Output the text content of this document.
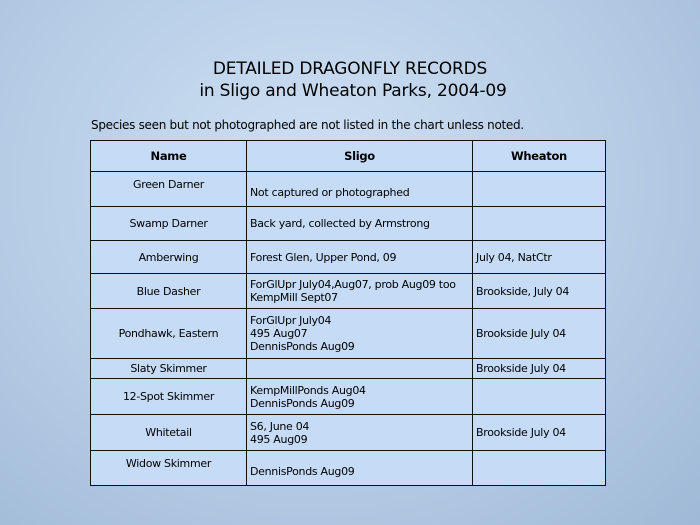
DETAILED DRAGONFLY RECORDS
in Sligo and Wheaton Parks, 2004-09
Species seen but not photographed are not listed in the chart unless noted.
Name	Sligo	Wheaton
Green Darner	Not captured or photographed	

Swamp Darner	Back yard, collected by Armstrong	

Amberwing	Forest Glen, Upper Pond, 09	July 04, NatCtr

Blue Dasher	ForGlUpr July04,Aug07, prob Aug09 too
KempMill Sept07	Brookside, July 04

Pondhawk, Eastern	ForGlUpr July04
495 Aug07
DennisPonds Aug09	Brookside July 04

Slaty Skimmer		Brookside July 04

12-Spot Skimmer	KempMillPonds Aug04
DennisPonds Aug09	

Whitetail	S6, June 04
495 Aug09	Brookside July 04

Widow Skimmer	DennisPonds Aug09	
